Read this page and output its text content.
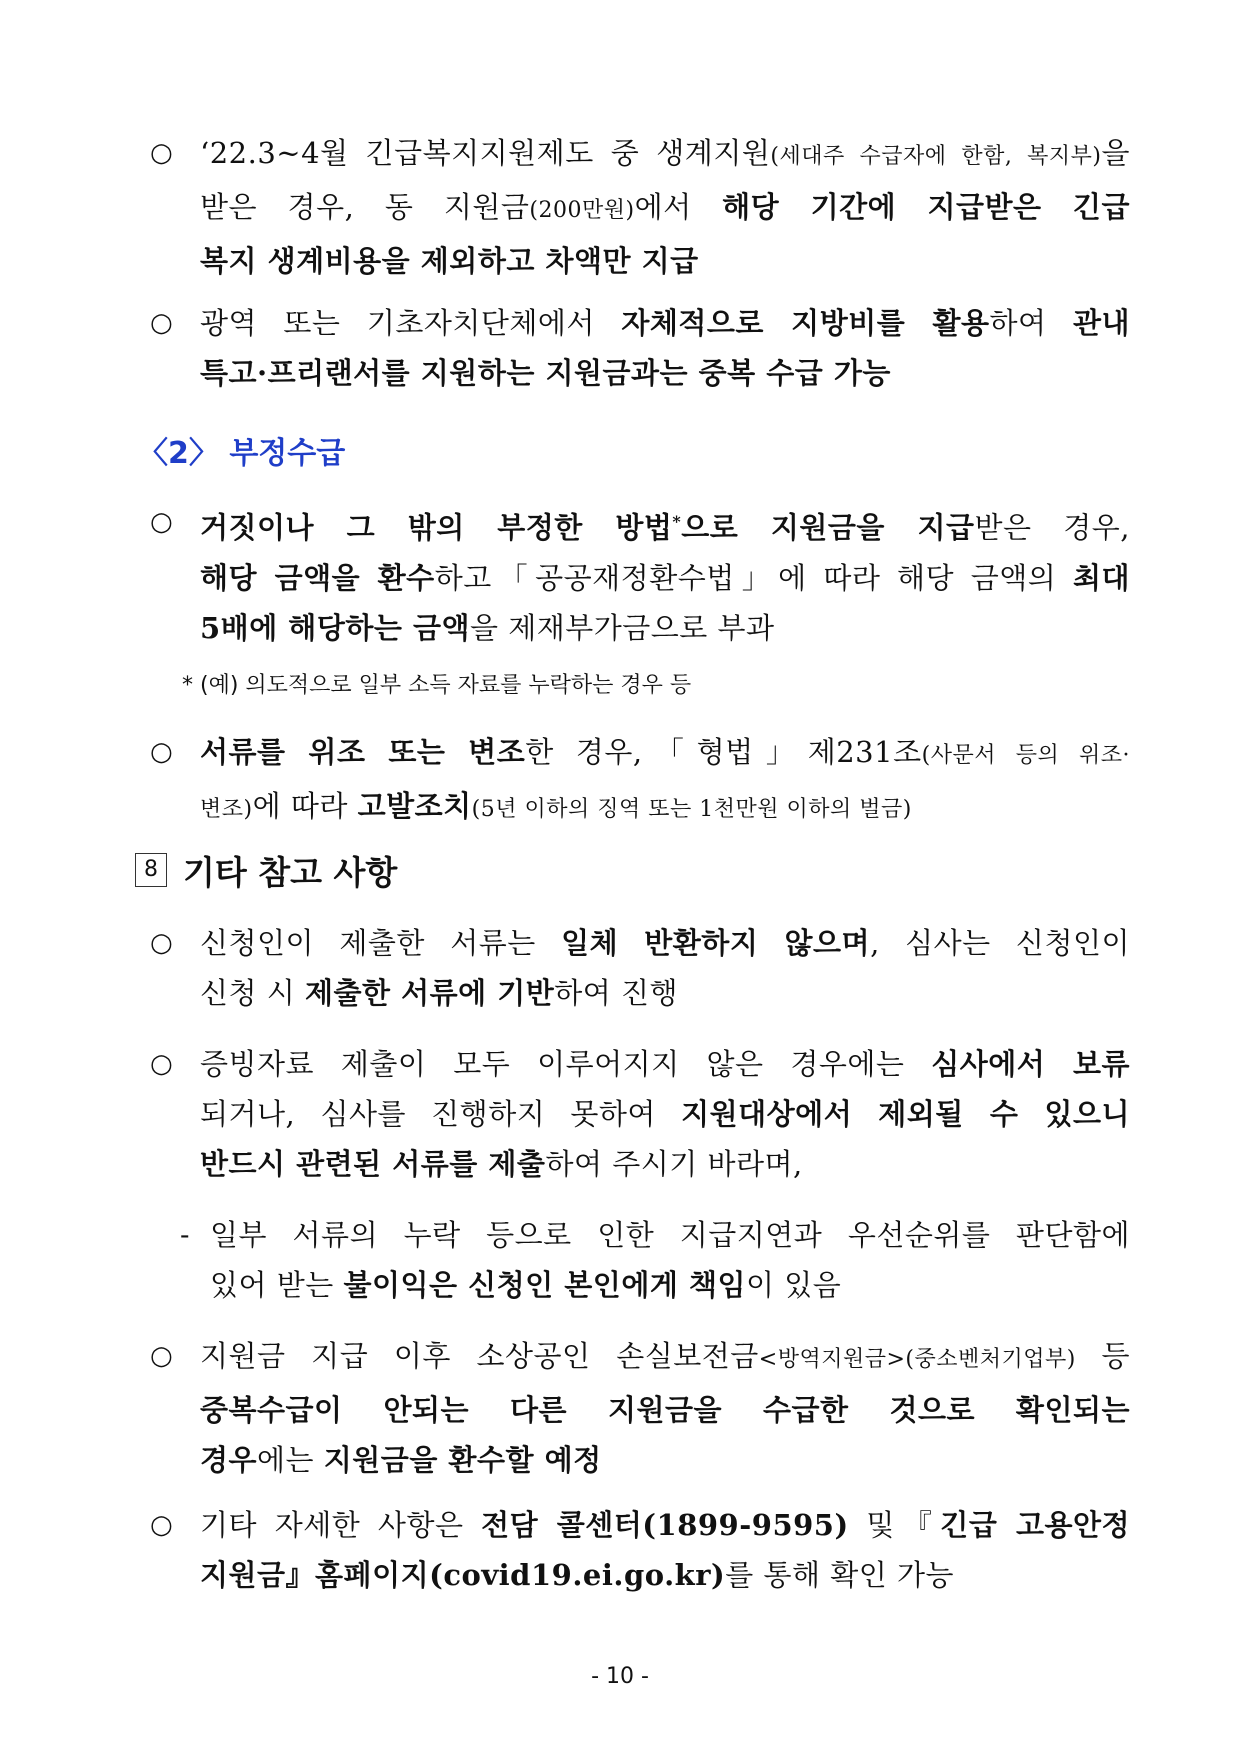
○ ‘22.3~4월 긴급복지지원제도 중 생계지원(세대주 수급자에 한함, 복지부)을
받은 경우, 동 지원금(200만원)에서 해당 기간에 지급받은 긴급
복지 생계비용을 제외하고 차액만 지급
○ 광역 또는 기초자치단체에서 자체적으로 지방비를 활용하여 관내
특고·프리랜서를 지원하는 지원금과는 중복 수급 가능
〈2〉 부정수급
○ 거짓이나 그 밖의 부정한 방법*으로 지원금을 지급받은 경우,
해당 금액을 환수하고「공공재정환수법」에 따라 해당 금액의 최대
5배에 해당하는 금액을 제재부가금으로 부과
* (예) 의도적으로 일부 소득 자료를 누락하는 경우 등
○ 서류를 위조 또는 변조한 경우,「형법」제231조(사문서 등의 위조·
변조)에 따라 고발조치(5년 이하의 징역 또는 1천만원 이하의 벌금)
8 기타 참고 사항
○ 신청인이 제출한 서류는 일체 반환하지 않으며, 심사는 신청인이
신청 시 제출한 서류에 기반하여 진행
○ 증빙자료 제출이 모두 이루어지지 않은 경우에는 심사에서 보류
되거나, 심사를 진행하지 못하여 지원대상에서 제외될 수 있으니
반드시 관련된 서류를 제출하여 주시기 바라며,
- 일부 서류의 누락 등으로 인한 지급지연과 우선순위를 판단함에
있어 받는 불이익은 신청인 본인에게 책임이 있음
○ 지원금 지급 이후 소상공인 손실보전금<방역지원금>(중소벤처기업부) 등
중복수급이 안되는 다른 지원금을 수급한 것으로 확인되는
경우에는 지원금을 환수할 예정
○ 기타 자세한 사항은 전담 콜센터(1899-9595) 및『긴급 고용안정
지원금』홈페이지(covid19.ei.go.kr)를 통해 확인 가능
- 10 -
